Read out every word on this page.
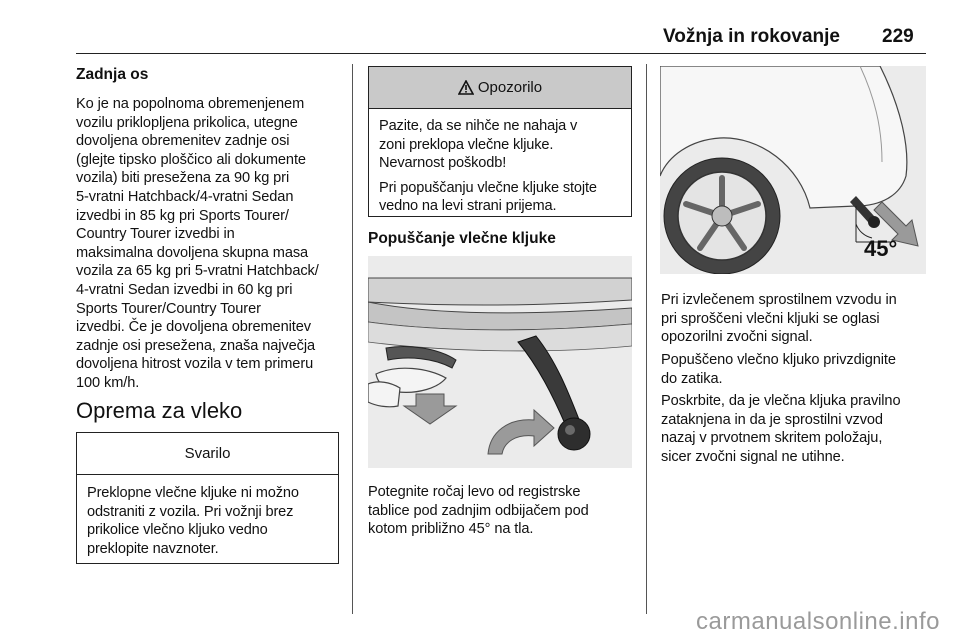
Vožnja in rokovanje 229
Zadnja os
Ko je na popolnoma obremenjenem
vozilu priklopljena prikolica, utegne
dovoljena obremenitev zadnje osi
(glejte tipsko ploščico ali dokumente
vozila) biti presežena za 90 kg pri
5-vratni Hatchback/4-vratni Sedan
izvedbi in 85 kg pri Sports Tourer/
Country Tourer izvedbi in
maksimalna dovoljena skupna masa
vozila za 65 kg pri 5-vratni Hatchback/
4-vratni Sedan izvedbi in 60 kg pri
Sports Tourer/Country Tourer
izvedbi. Če je dovoljena obremenitev
zadnje osi presežena, znaša največja
dovoljena hitrost vozila v tem primeru
100 km/h.
Oprema za vleko
Svarilo

Preklopne vlečne kljuke ni možno
odstraniti z vozila. Pri vožnji brez
prikolice vlečno kljuko vedno
preklopite navznoter.

Opozorilo

Pazite, da se nihče ne nahaja v
zoni preklopa vlečne kljuke.
Nevarnost poškodb!

Pri popuščanju vlečne kljuke stojte
vedno na levi strani prijema.

Popuščanje vlečne kljuke
Potegnite ročaj levo od registrske
tablice pod zadnjim odbijačem pod
kotom približno 45° na tla.
45°
Pri izvlečenem sprostilnem vzvodu in
pri sproščeni vlečni kljuki se oglasi
opozorilni zvočni signal.
Popuščeno vlečno kljuko privzdignite
do zatika.
Poskrbite, da je vlečna kljuka pravilno
zataknjena in da je sprostilni vzvod
nazaj v prvotnem skritem položaju,
sicer zvočni signal ne utihne.
carmanualsonline.info
